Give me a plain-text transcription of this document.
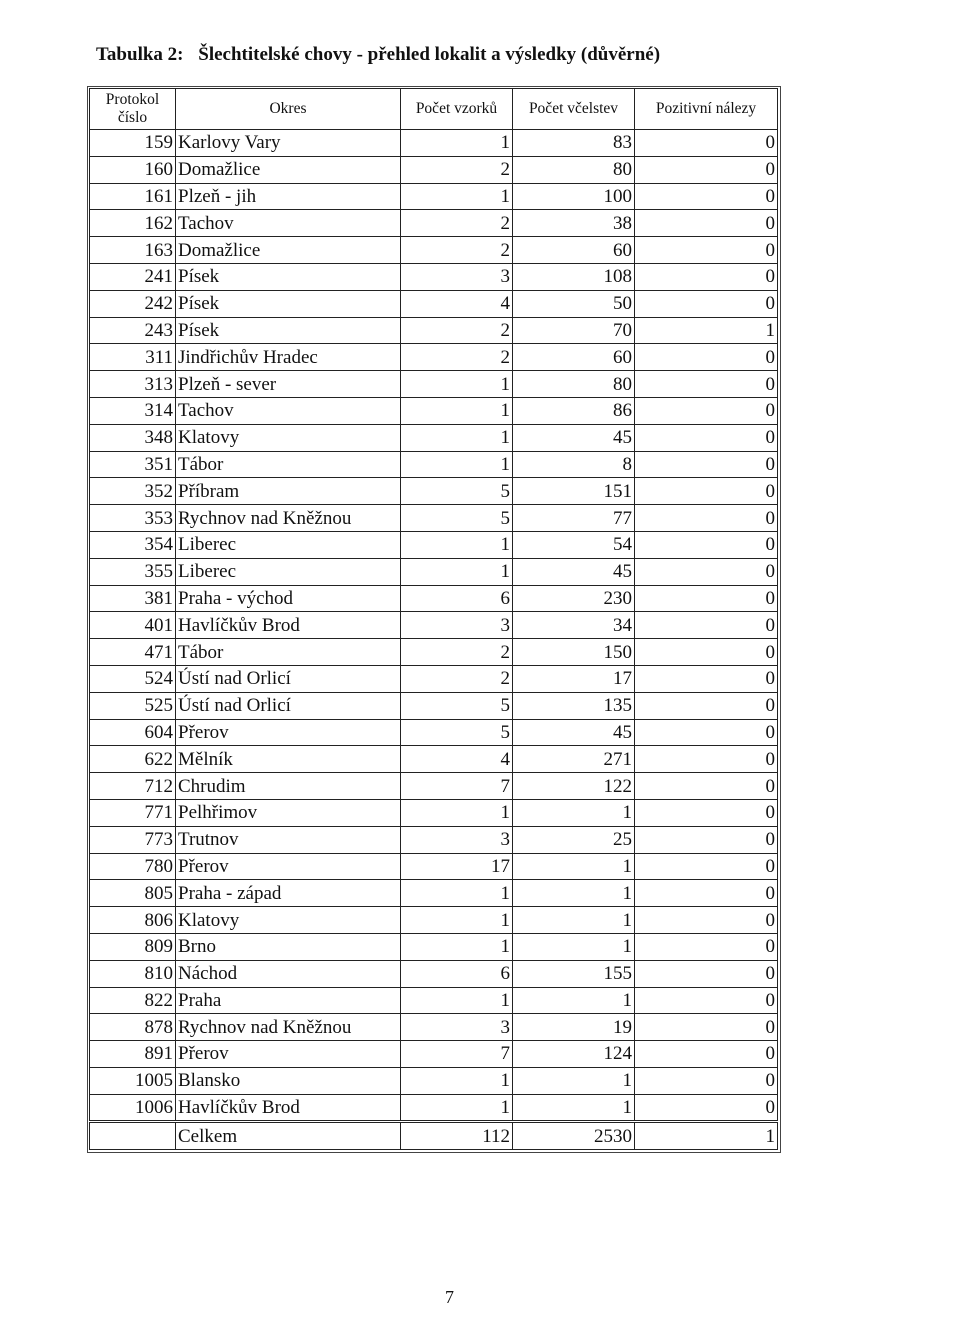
Tabulka 2: Šlechtitelské chovy - přehled lokalit a výsledky (důvěrné)
Protokol
číslo	Okres	Počet vzorků	Počet včelstev	Pozitivní nálezy
159	Karlovy Vary	1	83	0
160	Domažlice	2	80	0
161	Plzeň - jih	1	100	0
162	Tachov	2	38	0
163	Domažlice	2	60	0
241	Písek	3	108	0
242	Písek	4	50	0
243	Písek	2	70	1
311	Jindřichův Hradec	2	60	0
313	Plzeň - sever	1	80	0
314	Tachov	1	86	0
348	Klatovy	1	45	0
351	Tábor	1	8	0
352	Příbram	5	151	0
353	Rychnov nad Kněžnou	5	77	0
354	Liberec	1	54	0
355	Liberec	1	45	0
381	Praha - východ	6	230	0
401	Havlíčkův Brod	3	34	0
471	Tábor	2	150	0
524	Ústí nad Orlicí	2	17	0
525	Ústí nad Orlicí	5	135	0
604	Přerov	5	45	0
622	Mělník	4	271	0
712	Chrudim	7	122	0
771	Pelhřimov	1	1	0
773	Trutnov	3	25	0
780	Přerov	17	1	0
805	Praha - západ	1	1	0
806	Klatovy	1	1	0
809	Brno	1	1	0
810	Náchod	6	155	0
822	Praha	1	1	0
878	Rychnov nad Kněžnou	3	19	0
891	Přerov	7	124	0
1005	Blansko	1	1	0
1006	Havlíčkův Brod	1	1	0
	Celkem	112	2530	1
7
